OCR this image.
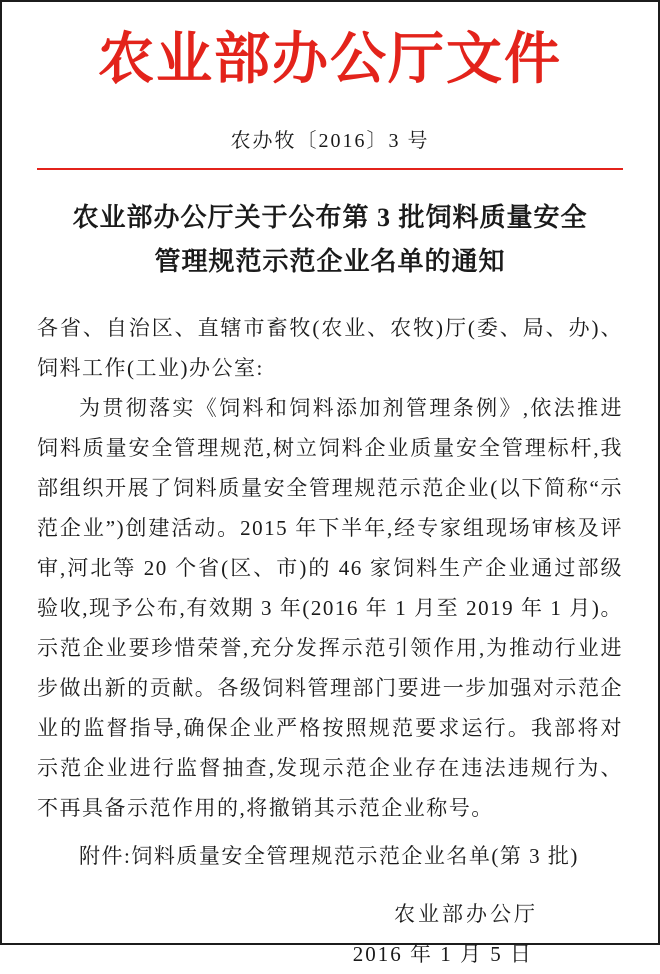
农业部办公厅文件
农办牧〔2016〕3 号
农业部办公厅关于公布第 3 批饲料质量安全
管理规范示范企业名单的通知

各省、自治区、直辖市畜牧(农业、农牧)厅(委、局、办)、饲料工作(工业)办公室:

为贯彻落实《饲料和饲料添加剂管理条例》,依法推进饲料质量安全管理规范,树立饲料企业质量安全管理标杆,我部组织开展了饲料质量安全管理规范示范企业(以下简称“示范企业”)创建活动。2015 年下半年,经专家组现场审核及评审,河北等 20 个省(区、市)的 46 家饲料生产企业通过部级验收,现予公布,有效期 3 年(2016 年 1 月至 2019 年 1 月)。示范企业要珍惜荣誉,充分发挥示范引领作用,为推动行业进步做出新的贡献。各级饲料管理部门要进一步加强对示范企业的监督指导,确保企业严格按照规范要求运行。我部将对示范企业进行监督抽查,发现示范企业存在违法违规行为、不再具备示范作用的,将撤销其示范企业称号。

附件:饲料质量安全管理规范示范企业名单(第 3 批)

农业部办公厅
2016 年 1 月 5 日
